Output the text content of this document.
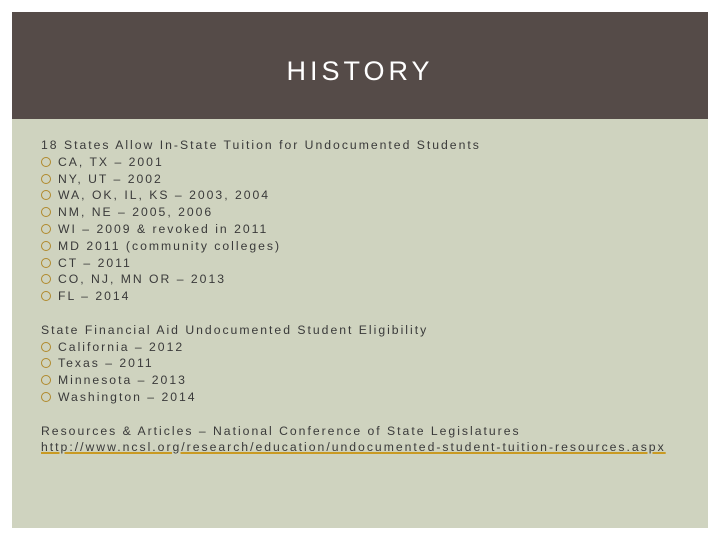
HISTORY

18 States Allow In-State Tuition for Undocumented Students

CA, TX – 2001
NY, UT – 2002
WA, OK, IL, KS – 2003, 2004
NM, NE – 2005, 2006
WI – 2009 & revoked in 2011
MD 2011 (community colleges)
CT – 2011
CO, NJ, MN OR – 2013
FL – 2014

State Financial Aid Undocumented Student Eligibility

California – 2012
Texas – 2011
Minnesota – 2013
Washington – 2014

Resources & Articles – National Conference of State Legislatures

http://www.ncsl.org/research/education/undocumented-student-tuition-resources.aspx
